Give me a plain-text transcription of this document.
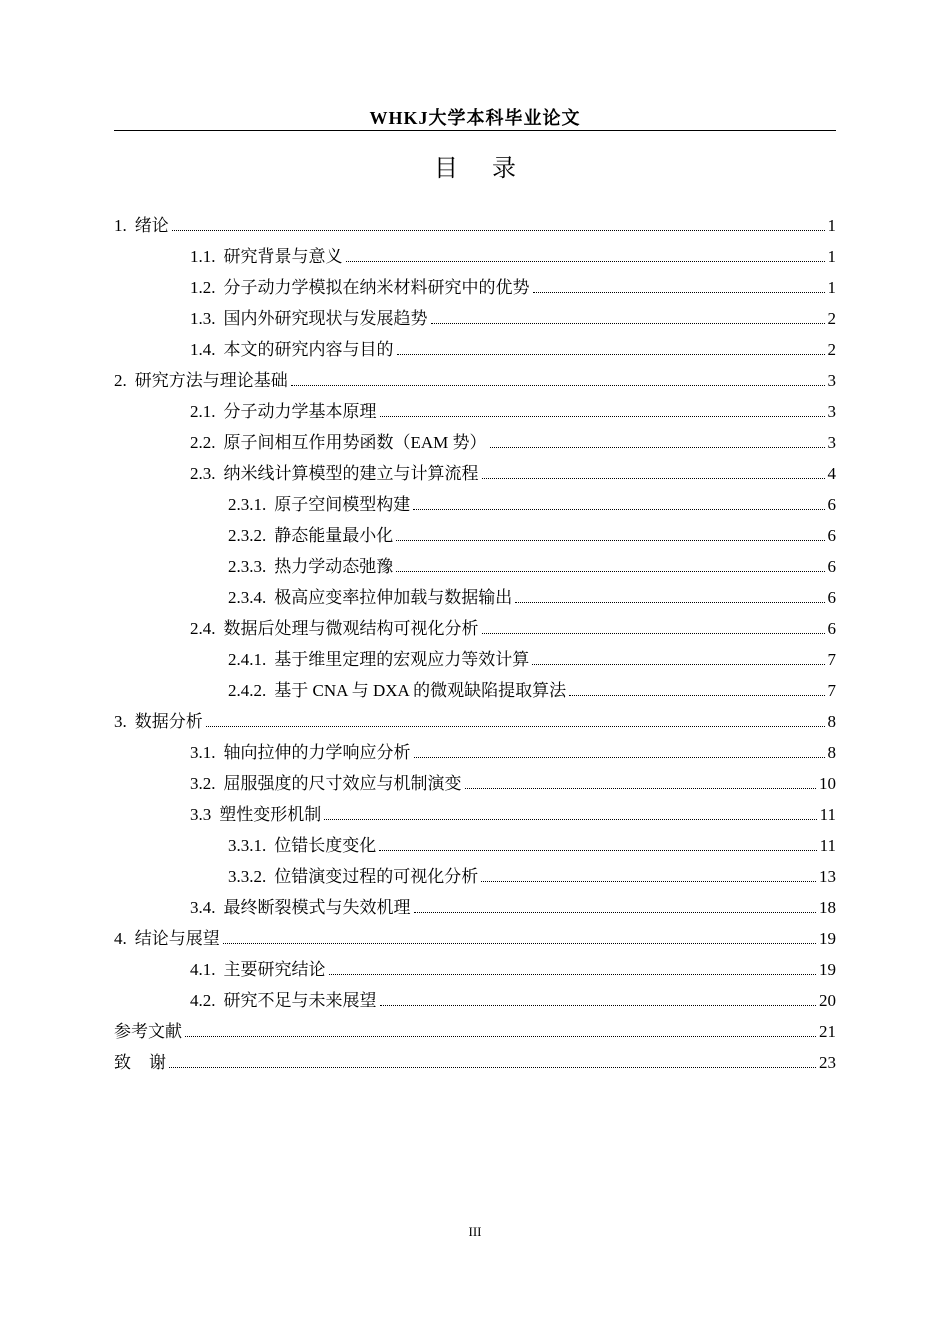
WHKJ大学本科毕业论文
目 录
1. 绪论	1
1.1. 研究背景与意义	1
1.2. 分子动力学模拟在纳米材料研究中的优势	1
1.3. 国内外研究现状与发展趋势	2
1.4. 本文的研究内容与目的	2
2. 研究方法与理论基础	3
2.1. 分子动力学基本原理	3
2.2. 原子间相互作用势函数（EAM 势）	3
2.3. 纳米线计算模型的建立与计算流程	4
2.3.1. 原子空间模型构建	6
2.3.2. 静态能量最小化	6
2.3.3. 热力学动态弛豫	6
2.3.4. 极高应变率拉伸加载与数据输出	6
2.4. 数据后处理与微观结构可视化分析	6
2.4.1. 基于维里定理的宏观应力等效计算	7
2.4.2. 基于 CNA 与 DXA 的微观缺陷提取算法	7
3. 数据分析	8
3.1. 轴向拉伸的力学响应分析	8
3.2. 屈服强度的尺寸效应与机制演变	10
3.3 塑性变形机制	11
3.3.1. 位错长度变化	11
3.3.2. 位错演变过程的可视化分析	13
3.4. 最终断裂模式与失效机理	18
4. 结论与展望	19
4.1. 主要研究结论	19
4.2. 研究不足与未来展望	20
参考文献	21
致谢	23
III
